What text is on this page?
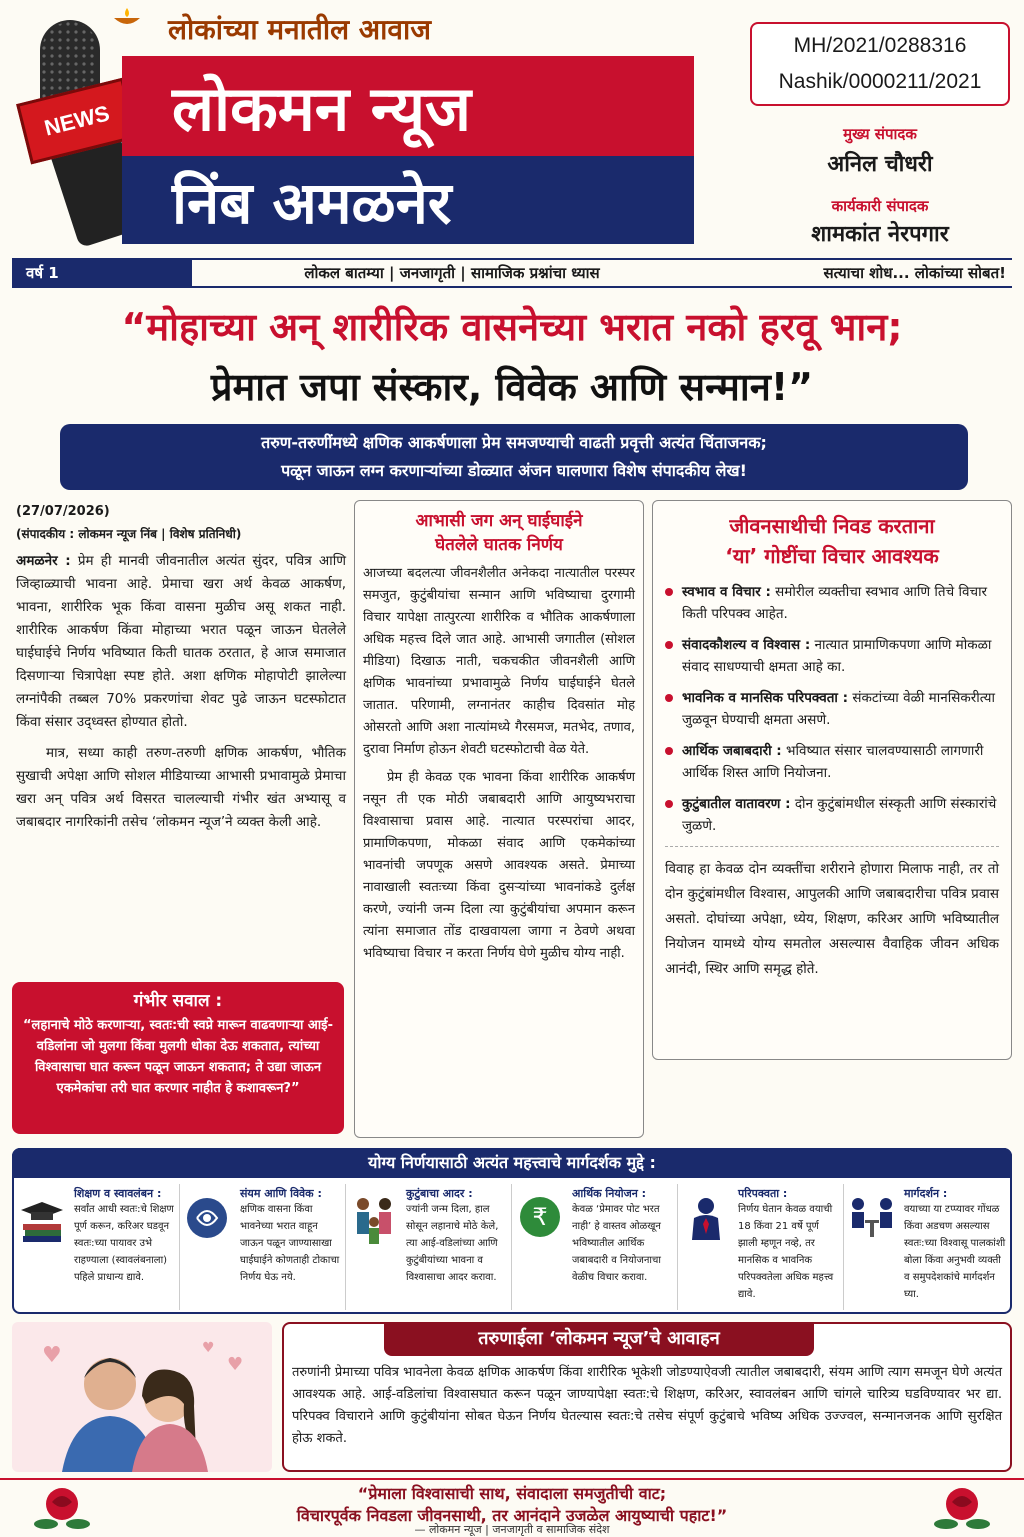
NEWS
लोकांच्या मनातील आवाज
लोकमन न्यूज
निंब अमळनेर
MH/2021/0288316
Nashik/0000211/2021
मुख्य संपादक
अनिल चौधरी
कार्यकारी संपादक
शामकांत नेरपगार
वर्ष 1	लोकल बातम्या | जनजागृती | सामाजिक प्रश्नांचा ध्यास	सत्याचा शोध... लोकांच्या सोबत!
“मोहाच्या अन् शारीरिक वासनेच्या भरात नको हरवू भान;
प्रेमात जपा संस्कार, विवेक आणि सन्मान!”
तरुण-तरुणींमध्ये क्षणिक आकर्षणाला प्रेम समजण्याची वाढती प्रवृत्ती अत्यंत चिंताजनक;
पळून जाऊन लग्न करणाऱ्यांच्या डोळ्यात अंजन घालणारा विशेष संपादकीय लेख!
(27/07/2026)
(संपादकीय : लोकमन न्यूज निंब | विशेष प्रतिनिधी)

अमळनेर : प्रेम ही मानवी जीवनातील अत्यंत सुंदर, पवित्र आणि जिव्हाळ्याची भावना आहे. प्रेमाचा खरा अर्थ केवळ आकर्षण, भावना, शारीरिक भूक किंवा वासना मुळीच असू शकत नाही. शारीरिक आकर्षण किंवा मोहाच्या भरात पळून जाऊन घेतलेले घाईघाईचे निर्णय भविष्यात किती घातक ठरतात, हे आज समाजात दिसणाऱ्या चित्रापेक्षा स्पष्ट होते. अशा क्षणिक मोहापोटी झालेल्या लग्नांपैकी तब्बल 70% प्रकरणांचा शेवट पुढे जाऊन घटस्फोटात किंवा संसार उद्ध्वस्त होण्यात होतो.

मात्र, सध्या काही तरुण-तरुणी क्षणिक आकर्षण, भौतिक सुखाची अपेक्षा आणि सोशल मीडियाच्या आभासी प्रभावामुळे प्रेमाचा खरा अन् पवित्र अर्थ विसरत चालल्याची गंभीर खंत अभ्यासू व जबाबदार नागरिकांनी तसेच ‘लोकमन न्यूज’ने व्यक्त केली आहे.

गंभीर सवाल :
“लहानाचे मोठे करणाऱ्या, स्वतः:ची स्वप्ने मारून वाढवणाऱ्या आई-वडिलांना जो मुलगा किंवा मुलगी धोका देऊ शकतात, त्यांच्या विश्वासाचा घात करून पळून जाऊन शकतात; ते उद्या जाऊन एकमेकांचा तरी घात करणार नाहीत हे कशावरून?”
आभासी जग अन् घाईघाईने
घेतलेले घातक निर्णय

आजच्या बदलत्या जीवनशैलीत अनेकदा नात्यातील परस्पर समजुत, कुटुंबीयांचा सन्मान आणि भविष्याचा दुरगामी विचार यापेक्षा तात्पुरत्या शारीरिक व भौतिक आकर्षणाला अधिक महत्त्व दिले जात आहे. आभासी जगातील (सोशल मीडिया) दिखाऊ नाती, चकचकीत जीवनशैली आणि क्षणिक भावनांच्या प्रभावामुळे निर्णय घाईघाईने घेतले जातात. परिणामी, लग्नानंतर काहीच दिवसांत मोह ओसरतो आणि अशा नात्यांमध्ये गैरसमज, मतभेद, तणाव, दुरावा निर्माण होऊन शेवटी घटस्फोटाची वेळ येते.

प्रेम ही केवळ एक भावना किंवा शारीरिक आकर्षण नसून ती एक मोठी जबाबदारी आणि आयुष्यभराचा विश्वासाचा प्रवास आहे. नात्यात परस्परांचा आदर, प्रामाणिकपणा, मोकळा संवाद आणि एकमेकांच्या भावनांची जपणूक असणे आवश्यक असते. प्रेमाच्या नावाखाली स्वतःच्या किंवा दुसऱ्यांच्या भावनांकडे दुर्लक्ष करणे, ज्यांनी जन्म दिला त्या कुटुंबीयांचा अपमान करून त्यांना समाजात तोंड दाखवायला जागा न ठेवणे अथवा भविष्याचा विचार न करता निर्णय घेणे मुळीच योग्य नाही.

जीवनसाथीची निवड करताना
‘या’ गोष्टींचा विचार आवश्यक
स्वभाव व विचार : समोरील व्यक्तीचा स्वभाव आणि तिचे विचार किती परिपक्व आहेत.
संवादकौशल्य व विश्वास : नात्यात प्रामाणिकपणा आणि मोकळा संवाद साधण्याची क्षमता आहे का.
भावनिक व मानसिक परिपक्वता : संकटांच्या वेळी मानसिकरीत्या जुळवून घेण्याची क्षमता असणे.
आर्थिक जबाबदारी : भविष्यात संसार चालवण्यासाठी लागणारी आर्थिक शिस्त आणि नियोजना.
कुटुंबातील वातावरण : दोन कुटुंबांमधील संस्कृती आणि संस्कारांचे जुळणे.

विवाह हा केवळ दोन व्यक्तींचा शरीराने होणारा मिलाफ नाही, तर तो दोन कुटुंबांमधील विश्वास, आपुलकी आणि जबाबदारीचा पवित्र प्रवास असतो. दोघांच्या अपेक्षा, ध्येय, शिक्षण, करिअर आणि भविष्यातील नियोजन यामध्ये योग्य समतोल असल्यास वैवाहिक जीवन अधिक आनंदी, स्थिर आणि समृद्ध होते.

योग्य निर्णयासाठी अत्यंत महत्त्वाचे मार्गदर्शक मुद्दे :
शिक्षण व स्वावलंबन :
सर्वांत आधी स्वतः:चे शिक्षण पूर्ण करून, करिअर घडवून स्वतः:च्या पायावर उभे राहण्याला (स्वावलंबनाला) पहिले प्राधान्य द्यावे.
संयम आणि विवेक :
क्षणिक वासना किंवा भावनेच्या भरात वाहून जाऊन पळून जाण्यासाखा घाईघाईने कोणताही टोकाचा निर्णय घेऊ नये.
कुटुंबाचा आदर :
ज्यांनी जन्म दिला, हाल सोसून लहानाचे मोठे केले, त्या आई-वडिलांच्या आणि कुटुंबीयांच्या भावना व विश्वासाचा आदर करावा.
₹
आर्थिक नियोजन :
केवळ ‘प्रेमावर पोट भरत नाही’ हे वास्तव ओळखून भविष्यातील आर्थिक जबाबदारी व नियोजनाचा वेळीच विचार करावा.
परिपक्वता :
निर्णय घेतान केवळ वयाची 18 किंवा 21 वर्षे पूर्ण झाली म्हणून नव्हे, तर मानसिक व भावनिक परिपक्वतेला अधिक महत्त्व द्यावे.
मार्गदर्शन :
वयाच्या या टप्प्यावर गोंधळ किंवा अडचण असल्यास स्वतः:च्या विश्वासू पालकांशी बोला किंवा अनुभवी व्यक्ती व समुपदेशकांचे मार्गदर्शन घ्या.
♥	♥
♥	तरुणाईला ‘लोकमन न्यूज’चे आवाहन

तरुणांनी प्रेमाच्या पवित्र भावनेला केवळ क्षणिक आकर्षण किंवा शारीरिक भूकेशी जोडण्याऐवजी त्यातील जबाबदारी, संयम आणि त्याग समजून घेणे अत्यंत आवश्यक आहे. आई-वडिलांचा विश्वासघात करून पळून जाण्यापेक्षा स्वतः:चे शिक्षण, करिअर, स्वावलंबन आणि चांगले चारित्र्य घडविण्यावर भर द्या. परिपक्व विचाराने आणि कुटुंबीयांना सोबत घेऊन निर्णय घेतल्यास स्वतः:चे तसेच संपूर्ण कुटुंबाचे भविष्य अधिक उज्ज्वल, सन्मानजनक आणि सुरक्षित होऊ शकते.

“प्रेमाला विश्वासाची साथ, संवादाला समजुतीची वाट;
विचारपूर्वक निवडला जीवनसाथी, तर आनंदाने उजळेल आयुष्याची पहाट!”
— लोकमन न्यूज | जनजागृती व सामाजिक संदेश
